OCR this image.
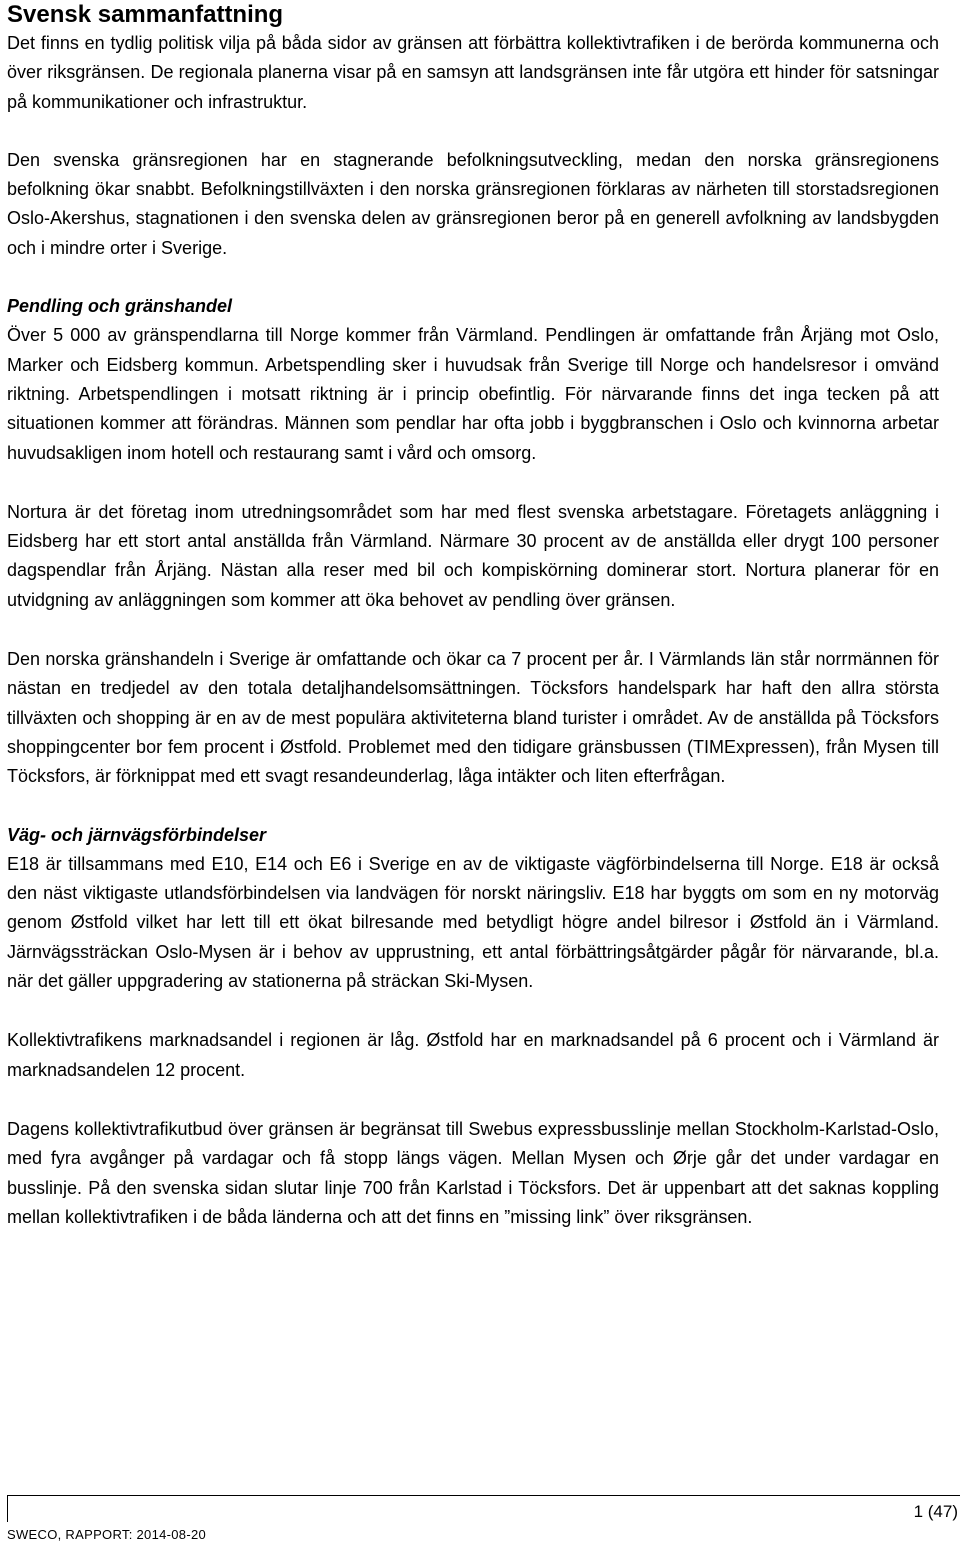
Svensk sammanfattning

Det finns en tydlig politisk vilja på båda sidor av gränsen att förbättra kollektivtrafiken i de berörda kommunerna och över riksgränsen. De regionala planerna visar på en samsyn att landsgränsen inte får utgöra ett hinder för satsningar på kommunikationer och infrastruktur.

Den svenska gränsregionen har en stagnerande befolkningsutveckling, medan den norska gränsregionens befolkning ökar snabbt. Befolkningstillväxten i den norska gränsregionen förklaras av närheten till storstadsregionen Oslo-Akershus, stagnationen i den svenska delen av gränsregionen beror på en generell avfolkning av landsbygden och i mindre orter i Sverige.

Pendling och gränshandel

Över 5 000 av gränspendlarna till Norge kommer från Värmland. Pendlingen är omfattande från Årjäng mot Oslo, Marker och Eidsberg kommun. Arbetspendling sker i huvudsak från Sverige till Norge och handelsresor i omvänd riktning. Arbetspendlingen i motsatt riktning är i princip obefintlig. För närvarande finns det inga tecken på att situationen kommer att förändras. Männen som pendlar har ofta jobb i byggbranschen i Oslo och kvinnorna arbetar huvudsakligen inom hotell och restaurang samt i vård och omsorg.

Nortura är det företag inom utredningsområdet som har med flest svenska arbetstagare. Företagets anläggning i Eidsberg har ett stort antal anställda från Värmland. Närmare 30 procent av de anställda eller drygt 100 personer dagspendlar från Årjäng. Nästan alla reser med bil och kompiskörning dominerar stort. Nortura planerar för en utvidgning av anläggningen som kommer att öka behovet av pendling över gränsen.

Den norska gränshandeln i Sverige är omfattande och ökar ca 7 procent per år. I Värmlands län står norrmännen för nästan en tredjedel av den totala detaljhandelsomsättningen. Töcksfors handelspark har haft den allra största tillväxten och shopping är en av de mest populära aktiviteterna bland turister i området. Av de anställda på Töcksfors shoppingcenter bor fem procent i Østfold. Problemet med den tidigare gränsbussen (TIMExpressen), från Mysen till Töcksfors, är förknippat med ett svagt resandeunderlag, låga intäkter och liten efterfrågan.

Väg- och järnvägsförbindelser

E18 är tillsammans med E10, E14 och E6 i Sverige en av de viktigaste vägförbindelserna till Norge. E18 är också den näst viktigaste utlandsförbindelsen via landvägen för norskt näringsliv. E18 har byggts om som en ny motorväg genom Østfold vilket har lett till ett ökat bilresande med betydligt högre andel bilresor i Østfold än i Värmland. Järnvägssträckan Oslo-Mysen är i behov av upprustning, ett antal förbättringsåtgärder pågår för närvarande, bl.a. när det gäller uppgradering av stationerna på sträckan Ski-Mysen.

Kollektivtrafikens marknadsandel i regionen är låg. Østfold har en marknadsandel på 6 procent och i Värmland är marknadsandelen 12 procent.

Dagens kollektivtrafikutbud över gränsen är begränsat till Swebus expressbusslinje mellan Stockholm-Karlstad-Oslo, med fyra avgånger på vardagar och få stopp längs vägen. Mellan Mysen och Ørje går det under vardagar en busslinje. På den svenska sidan slutar linje 700 från Karlstad i Töcksfors. Det är uppenbart att det saknas koppling mellan kollektivtrafiken i de båda länderna och att det finns en ”missing link” över riksgränsen.

1 (47)
SWECO, RAPPORT: 2014-08-20
